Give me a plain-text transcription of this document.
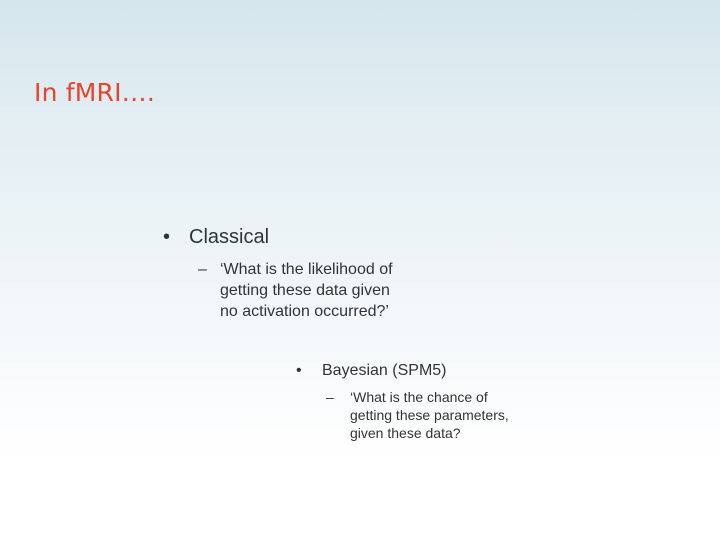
In fMRI….
• Classical
– ‘What is the likelihood of
getting these data given
no activation occurred?’
•	Bayesian (SPM5)
–	‘What is the chance of
getting these parameters,
given these data?
